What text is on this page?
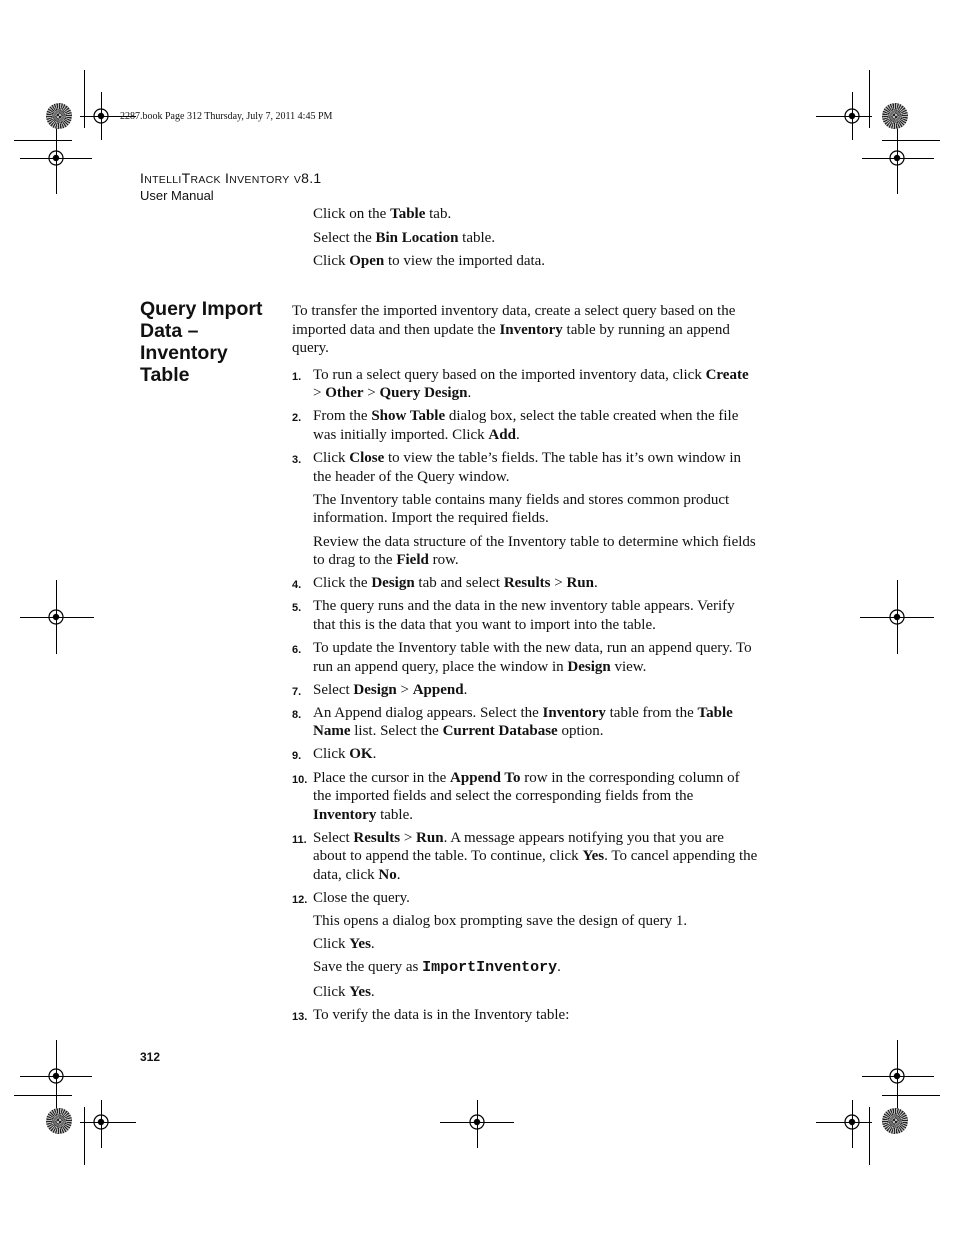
2287.book Page 312 Thursday, July 7, 2011 4:45 PM
INTELLITRACK INVENTORY V8.1
User Manual

Click on the Table tab.

Select the Bin Location table.

Click Open to view the imported data.

Query Import Data – Inventory Table

To transfer the imported inventory data, create a select query based on the imported data and then update the Inventory table by running an append query.

1. To run a select query based on the imported inventory data, click Create > Other > Query Design.

2. From the Show Table dialog box, select the table created when the file was initially imported. Click Add.

3. Click Close to view the table’s fields. The table has it’s own window in the header of the Query window.

The Inventory table contains many fields and stores common product information. Import the required fields.

Review the data structure of the Inventory table to determine which fields to drag to the Field row.

4. Click the Design tab and select Results > Run.

5. The query runs and the data in the new inventory table appears. Verify that this is the data that you want to import into the table.

6. To update the Inventory table with the new data, run an append query. To run an append query, place the window in Design view.

7. Select Design > Append.

8. An Append dialog appears. Select the Inventory table from the Table Name list. Select the Current Database option.

9. Click OK.

10. Place the cursor in the Append To row in the corresponding column of the imported fields and select the corresponding fields from the Inventory table.

11. Select Results > Run. A message appears notifying you that you are about to append the table. To continue, click Yes. To cancel appending the data, click No.

12. Close the query.

This opens a dialog box prompting save the design of query 1.

Click Yes.

Save the query as ImportInventory.

Click Yes.

13. To verify the data is in the Inventory table:

312
